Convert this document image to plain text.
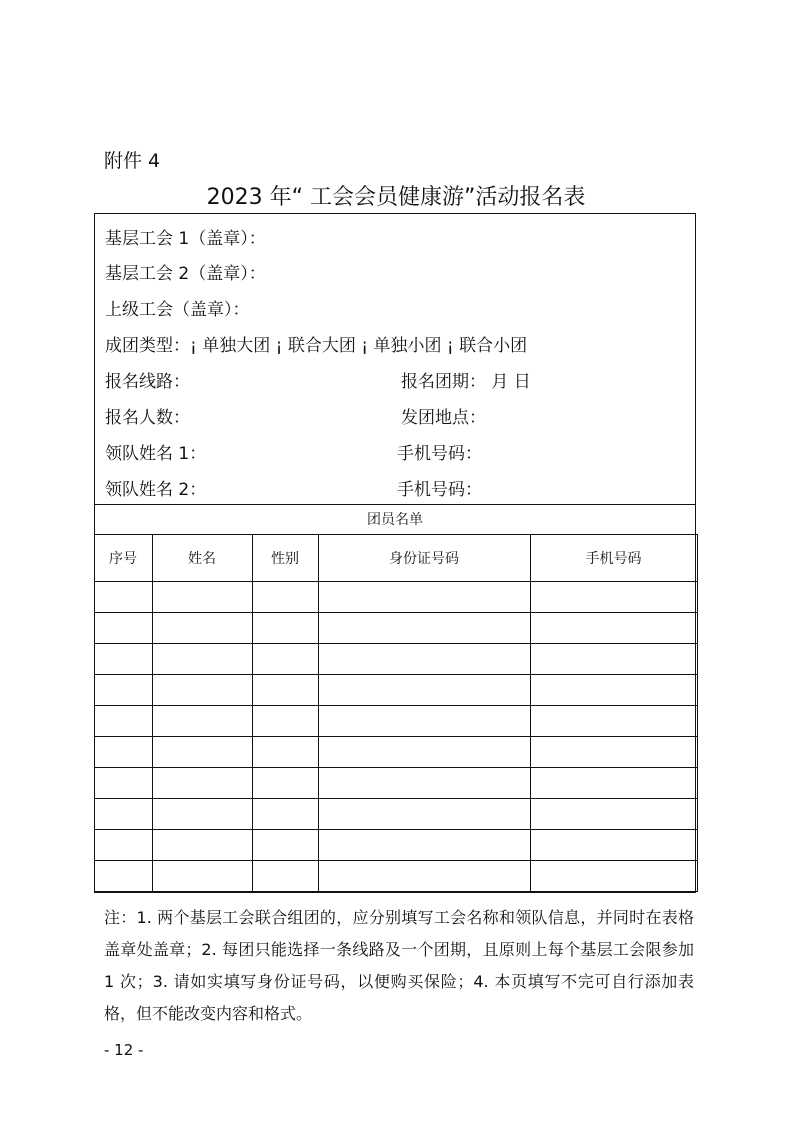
附件 4
2023 年“ 工会会员健康游”活动报名表
基层工会 1（盖章）：
基层工会 2（盖章）：
上级工会（盖章）：
成团类型：¡ 单独大团 ¡ 联合大团 ¡ 单独小团 ¡ 联合小团
报名线路：	报名团期： 月 日
报名人数：	发团地点：
领队姓名 1：	手机号码：
领队姓名 2：	手机号码：
团员名单
序号	姓名	性别	身份证号码	手机号码

注：1. 两个基层工会联合组团的，应分别填写工会名称和领队信息，并同时在表格盖章处盖章；2. 每团只能选择一条线路及一个团期，且原则上每个基层工会限参加 1 次；3. 请如实填写身份证号码，以便购买保险；4. 本页填写不完可自行添加表格，但不能改变内容和格式。
- 12 -
